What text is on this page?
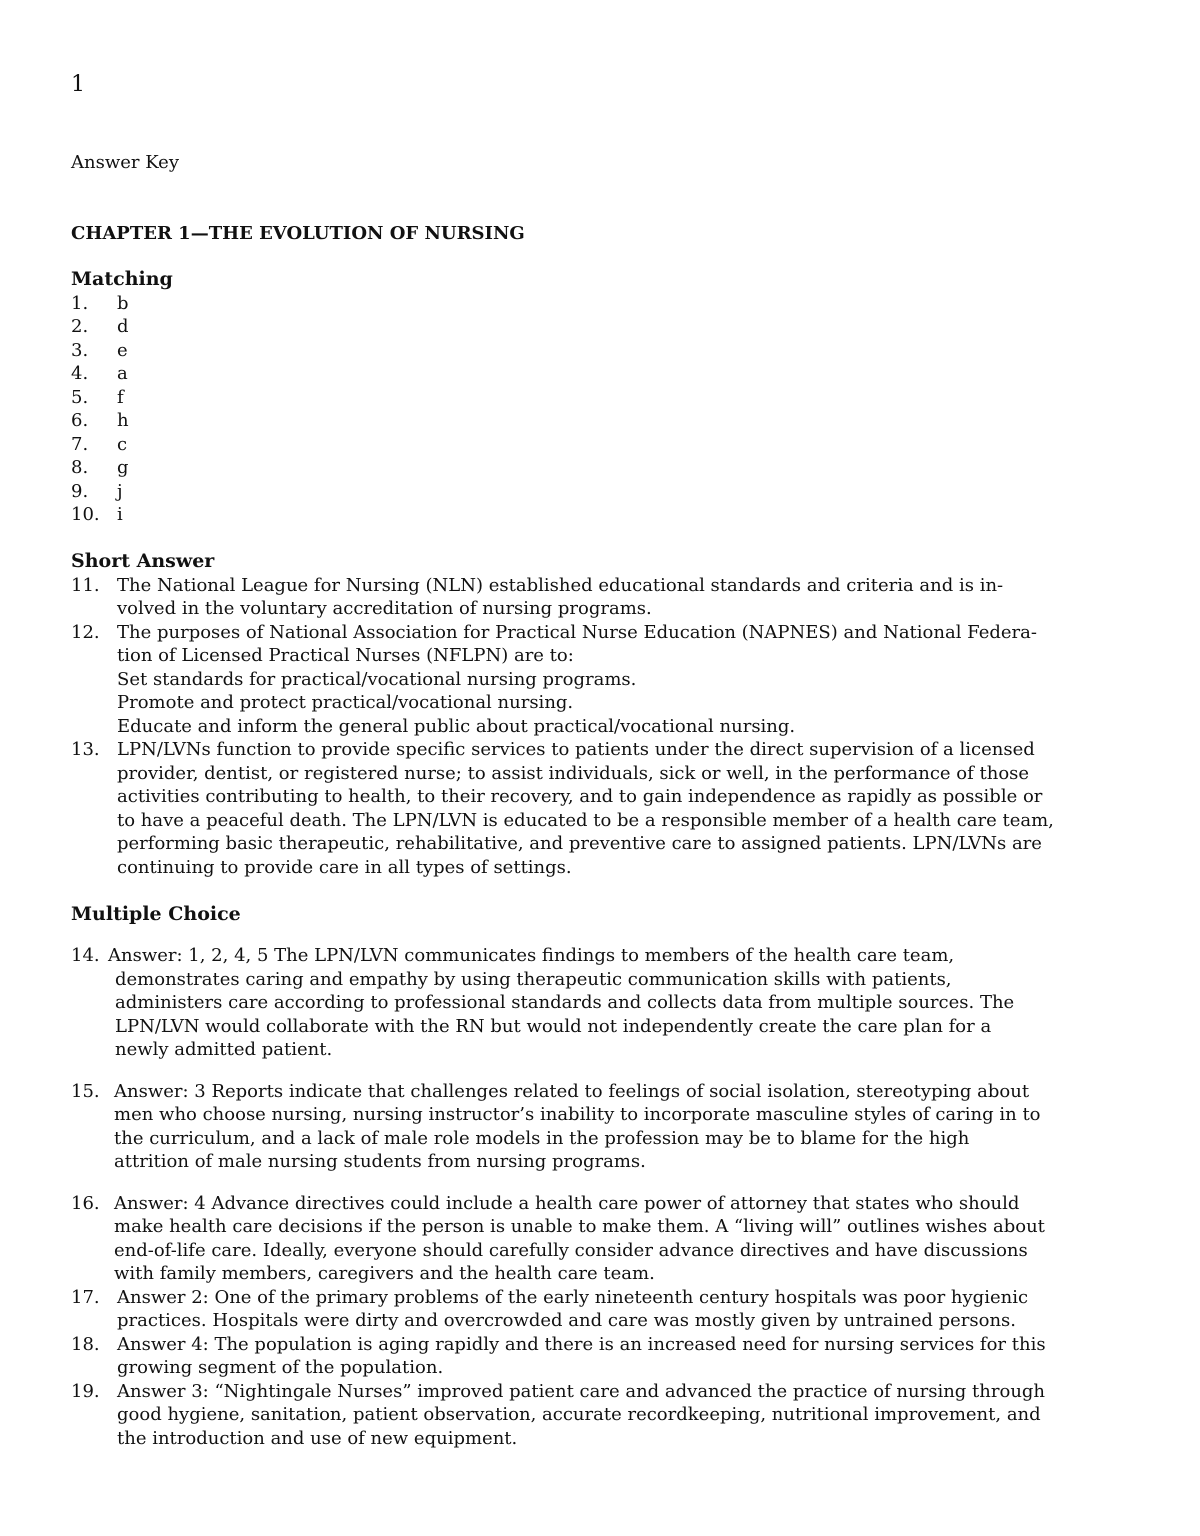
1
Answer Key
CHAPTER 1—THE EVOLUTION OF NURSING
Matching
1.	b
2.	d
3.	e
4.	a
5.	f
6.	h
7.	c
8.	g
9.	j
10. i
Short Answer
11. The National League for Nursing (NLN) established educational standards and criteria and is in-
volved in the voluntary accreditation of nursing programs.
12. The purposes of National Association for Practical Nurse Education (NAPNES) and National Federa-
tion of Licensed Practical Nurses (NFLPN) are to:
Set standards for practical/vocational nursing programs.
Promote and protect practical/vocational nursing.
Educate and inform the general public about practical/vocational nursing.
13. LPN/LVNs function to provide specific services to patients under the direct supervision of a licensed
provider, dentist, or registered nurse; to assist individuals, sick or well, in the performance of those
activities contributing to health, to their recovery, and to gain independence as rapidly as possible or
to have a peaceful death. The LPN/LVN is educated to be a responsible member of a health care team,
performing basic therapeutic, rehabilitative, and preventive care to assigned patients. LPN/LVNs are
continuing to provide care in all types of settings.
Multiple Choice
14. Answer: 1, 2, 4, 5 The LPN/LVN communicates findings to members of the health care team,
demonstrates caring and empathy by using therapeutic communication skills with patients,
administers care according to professional standards and collects data from multiple sources. The
LPN/LVN would collaborate with the RN but would not independently create the care plan for a
newly admitted patient.
15. Answer: 3 Reports indicate that challenges related to feelings of social isolation, stereotyping about
men who choose nursing, nursing instructor’s inability to incorporate masculine styles of caring in to
the curriculum, and a lack of male role models in the profession may be to blame for the high
attrition of male nursing students from nursing programs.
16. Answer: 4 Advance directives could include a health care power of attorney that states who should
make health care decisions if the person is unable to make them. A “living will” outlines wishes about
end-of-life care. Ideally, everyone should carefully consider advance directives and have discussions
with family members, caregivers and the health care team.
17. Answer 2: One of the primary problems of the early nineteenth century hospitals was poor hygienic
practices. Hospitals were dirty and overcrowded and care was mostly given by untrained persons.
18. Answer 4: The population is aging rapidly and there is an increased need for nursing services for this
growing segment of the population.
19. Answer 3: “Nightingale Nurses” improved patient care and advanced the practice of nursing through
good hygiene, sanitation, patient observation, accurate recordkeeping, nutritional improvement, and
the introduction and use of new equipment.
